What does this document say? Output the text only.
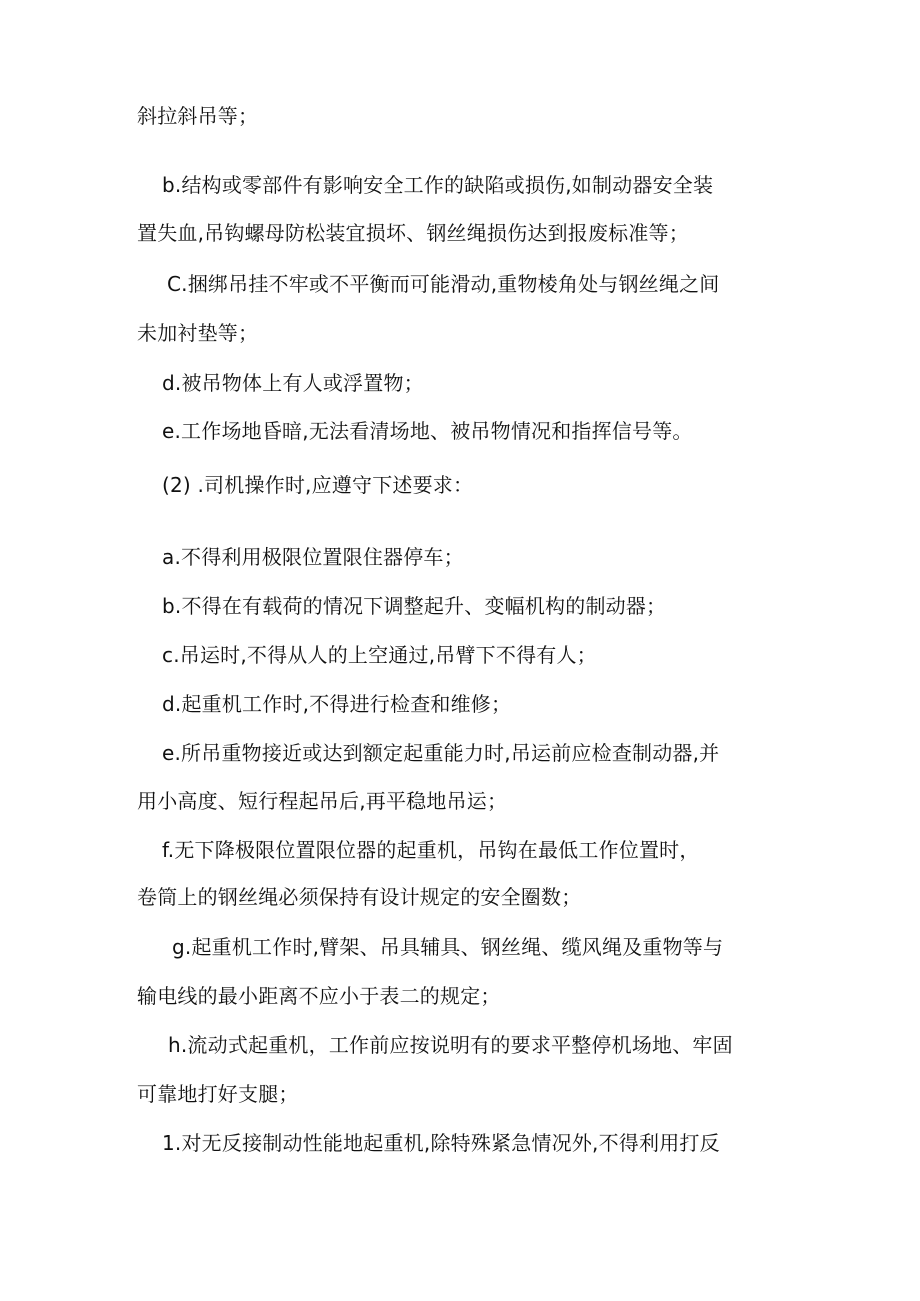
斜拉斜吊等；
b.结构或零部件有影响安全工作的缺陷或损伤,如制动器安全装
置失血,吊钩螺母防松装宜损坏、钢丝绳损伤达到报废标准等；
C.捆绑吊挂不牢或不平衡而可能滑动,重物棱角处与钢丝绳之间
未加衬垫等；
d.被吊物体上有人或浮置物；
e.工作场地昏暗,无法看清场地、被吊物情况和指挥信号等。
(2) .司机操作时,应遵守下述要求：
a.不得利用极限位置限住器停车；
b.不得在有载荷的情况下调整起升、变幅机构的制动器；
c.吊运时,不得从人的上空通过,吊臂下不得有人；
d.起重机工作时,不得进行检查和维修；
e.所吊重物接近或达到额定起重能力时,吊运前应检查制动器,并
用小高度、短行程起吊后,再平稳地吊运；
f.无下降极限位置限位器的起重机，吊钩在最低工作位置时，
卷筒上的钢丝绳必须保持有设计规定的安全圈数；
g.起重机工作时,臂架、吊具辅具、钢丝绳、缆风绳及重物等与
输电线的最小距离不应小于表二的规定；
h.流动式起重机，工作前应按说明有的要求平整停机场地、牢固
可靠地打好支腿；
1.对无反接制动性能地起重机,除特殊紧急情况外,不得利用打反
